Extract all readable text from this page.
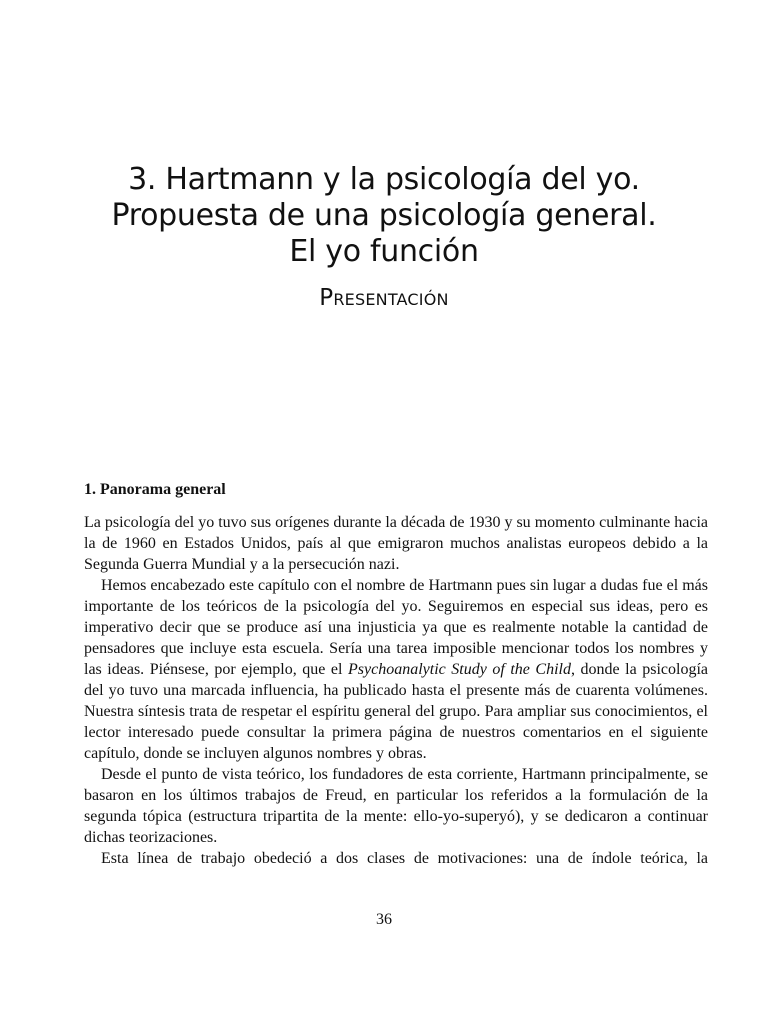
3. Hartmann y la psicología del yo.
Propuesta de una psicología general.
El yo función
Presentación
1. Panorama general

La psicología del yo tuvo sus orígenes durante la década de 1930 y su momento culminante hacia la de 1960 en Estados Unidos, país al que emigraron muchos analistas europeos debido a la Segunda Guerra Mundial y a la persecución nazi.

Hemos encabezado este capítulo con el nombre de Hartmann pues sin lugar a dudas fue el más importante de los teóricos de la psicología del yo. Seguiremos en especial sus ideas, pero es imperativo decir que se produce así una injusticia ya que es realmente notable la cantidad de pensadores que incluye esta escuela. Sería una tarea imposible mencionar todos los nombres y las ideas. Piénsese, por ejemplo, que el Psychoanalytic Study of the Child, donde la psicología del yo tuvo una marcada influencia, ha publicado hasta el presente más de cuarenta volúmenes. Nuestra síntesis trata de respetar el espíritu general del grupo. Para ampliar sus conocimientos, el lector interesado puede consultar la primera página de nuestros comentarios en el siguiente capítulo, donde se incluyen algunos nombres y obras.

Desde el punto de vista teórico, los fundadores de esta corriente, Hartmann principalmente, se basaron en los últimos trabajos de Freud, en particular los referidos a la formulación de la segunda tópica (estructura tripartita de la mente: ello-yo-superyó), y se dedicaron a continuar dichas teorizaciones.

Esta línea de trabajo obedeció a dos clases de motivaciones: una de índole teórica, la

36
